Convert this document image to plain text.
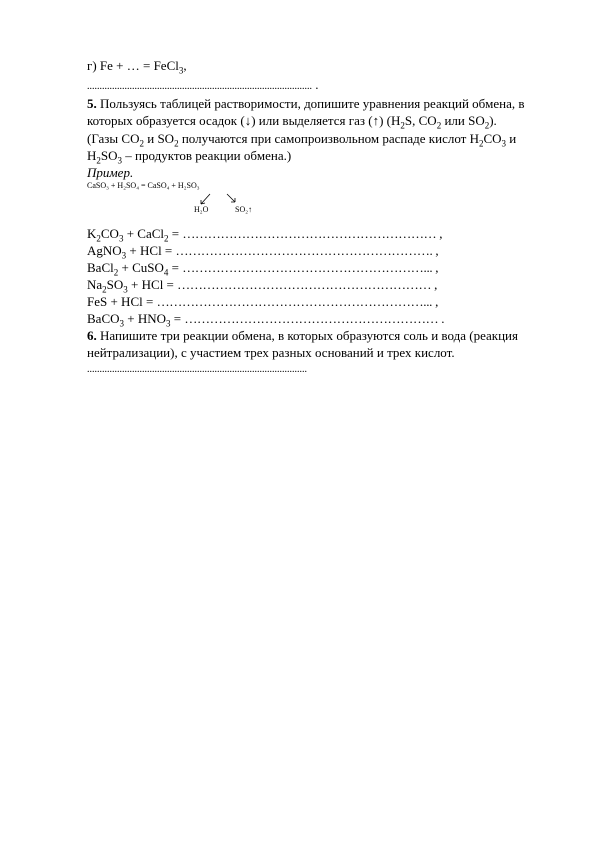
г) Fe + … = FeCl$_3$,
.......................................................................................... .
5. Пользуясь таблицей растворимости, допишите уравнения реакций обмена, в
которых образуется осадок (↓) или выделяется газ (↑) ($H_2S$, $CO_2$ или $SO_2$).
(Газы $CO_2$ и $SO_2$ получаются при самопроизвольном распаде кислот $H_2CO_3$ и
$H_2SO_3$ – продуктов реакции обмена.)
Пример.
CaSO₃ + H₂SO₄ = CaSO₄ + H₂SO₃
H₂O	SO₂↑
$K_2CO_3$ + CaCl$_2$ = …………………………………………………… ,
AgNO$_3$ + HCl = ……………………………………………………. ,
BaCl$_2$ + CuSO$_4$ = …………………………………………………... ,
$Na_2SO_3$ + HCl = …………………………………………………… ,
FeS + HCl = ………………………………………………………... ,
BaCO$_3$ + $HNO_3$ = …………………………………………………… .
6. Напишите три реакции обмена, в которых образуются соль и вода (реакция
нейтрализации), с участием трех разных оснований и трех кислот.
........................................................................................
